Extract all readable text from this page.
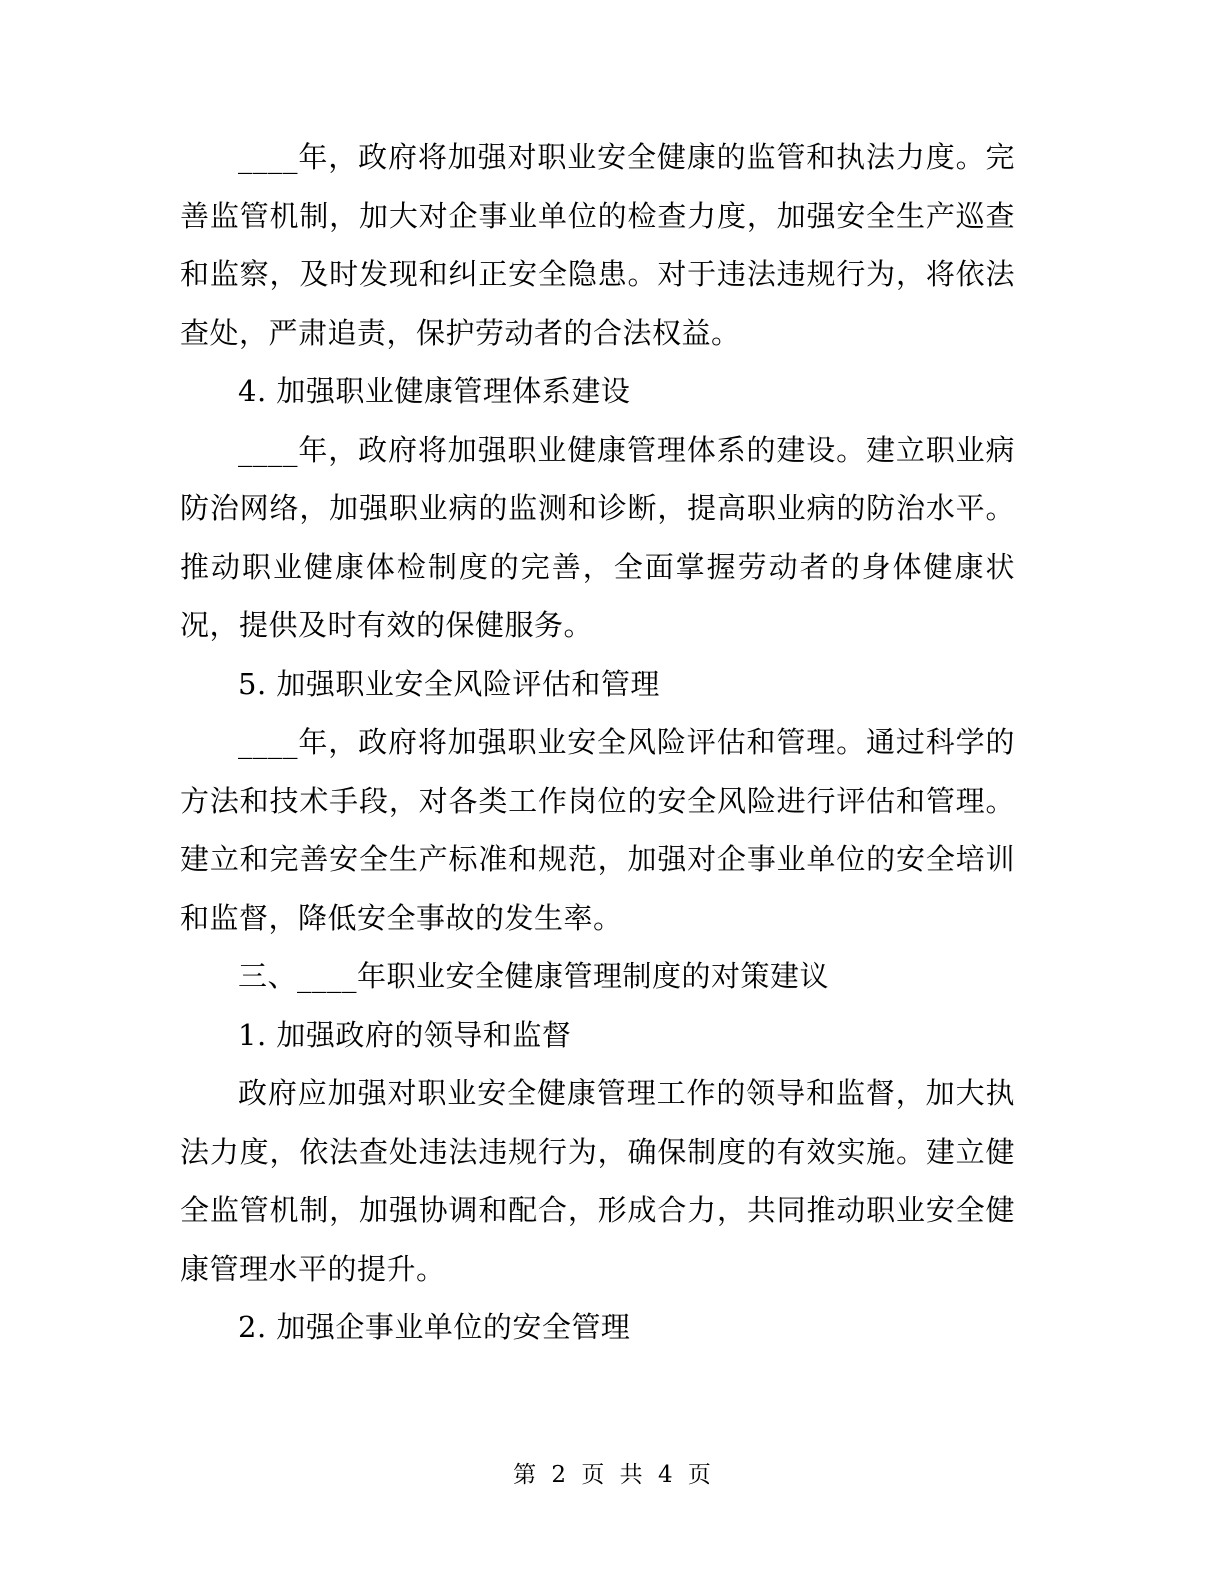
____年，政府将加强对职业安全健康的监管和执法力度。完善监管机制，加大对企事业单位的检查力度，加强安全生产巡查和监察，及时发现和纠正安全隐患。对于违法违规行为，将依法查处，严肃追责，保护劳动者的合法权益。

4. 加强职业健康管理体系建设

____年，政府将加强职业健康管理体系的建设。建立职业病防治网络，加强职业病的监测和诊断，提高职业病的防治水平。推动职业健康体检制度的完善，全面掌握劳动者的身体健康状况，提供及时有效的保健服务。

5. 加强职业安全风险评估和管理

____年，政府将加强职业安全风险评估和管理。通过科学的方法和技术手段，对各类工作岗位的安全风险进行评估和管理。建立和完善安全生产标准和规范，加强对企事业单位的安全培训和监督，降低安全事故的发生率。

三、____年职业安全健康管理制度的对策建议

1. 加强政府的领导和监督

政府应加强对职业安全健康管理工作的领导和监督，加大执法力度，依法查处违法违规行为，确保制度的有效实施。建立健全监管机制，加强协调和配合，形成合力，共同推动职业安全健康管理水平的提升。

2. 加强企事业单位的安全管理

第 2 页 共 4 页
